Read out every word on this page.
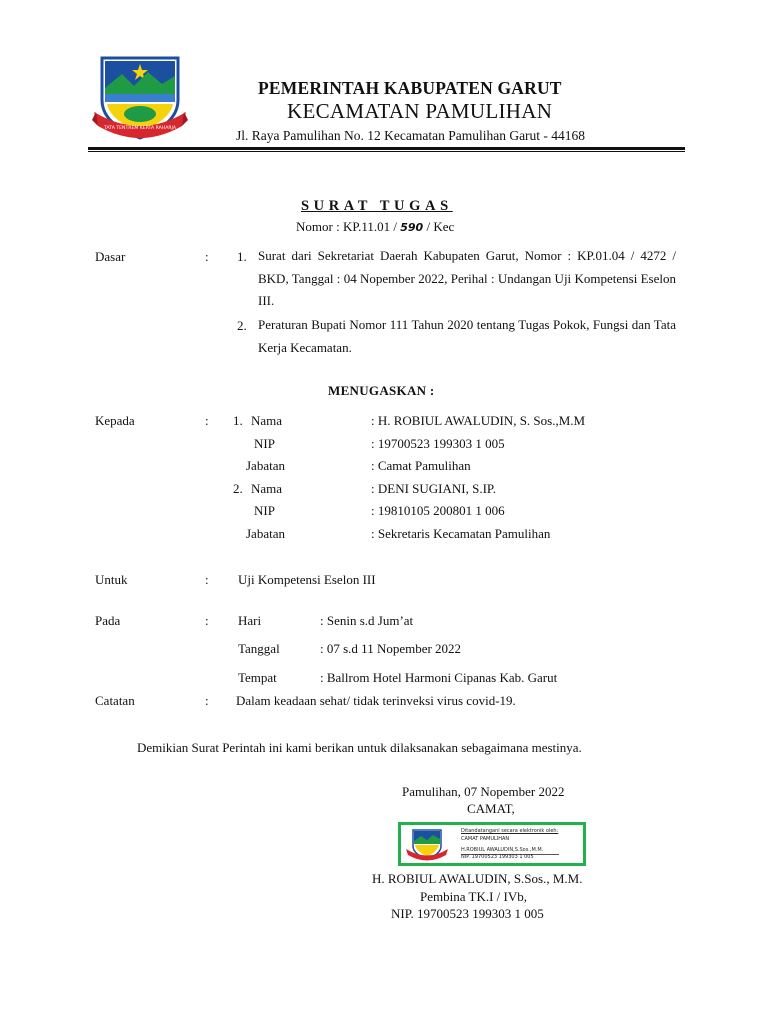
TATA TENTREM KERTA RAHARJA
PEMERINTAH KABUPATEN GARUT
KECAMATAN PAMULIHAN
Jl. Raya Pamulihan No. 12 Kecamatan Pamulihan Garut - 44168
SURAT TUGAS
Nomor : KP.11.01 / 590 / Kec
Dasar	: 1. Surat dari Sekretariat Daerah Kabupaten Garut, Nomor : KP.01.04 / 4272 / BKD, Tanggal : 04 Nopember 2022, Perihal : Undangan Uji Kompetensi Eselon III.
2. Peraturan Bupati Nomor 111 Tahun 2020 tentang Tugas Pokok, Fungsi dan Tata Kerja Kecamatan.
MENUGASKAN :
Kepada	: 1. Nama	: H. ROBIUL AWALUDIN, S. Sos.,M.M
NIP	: 19700523 199303 1 005
Jabatan	: Camat Pamulihan
2. Nama	: DENI SUGIANI, S.IP.
NIP	: 19810105 200801 1 006
Jabatan	: Sekretaris Kecamatan Pamulihan
Untuk	: Uji Kompetensi Eselon III
Pada	: Hari	: Senin s.d Jum’at
Tanggal	: 07 s.d 11 Nopember 2022
Tempat	: Ballrom Hotel Harmoni Cipanas Kab. Garut
Catatan	: Dalam keadaan sehat/ tidak terinveksi virus covid-19.
Demikian Surat Perintah ini kami berikan untuk dilaksanakan sebagaimana mestinya.
Pamulihan, 07 Nopember 2022
CAMAT,
Ditandatangani secara elektronik oleh:
CAMAT PAMULIHAN
H.ROBIUL AWALUDIN,S.Sos.,M.M.
NIP. 19700523 199303 1 005
H. ROBIUL AWALUDIN, S.Sos., M.M.
Pembina TK.I / IVb,
NIP. 19700523 199303 1 005
